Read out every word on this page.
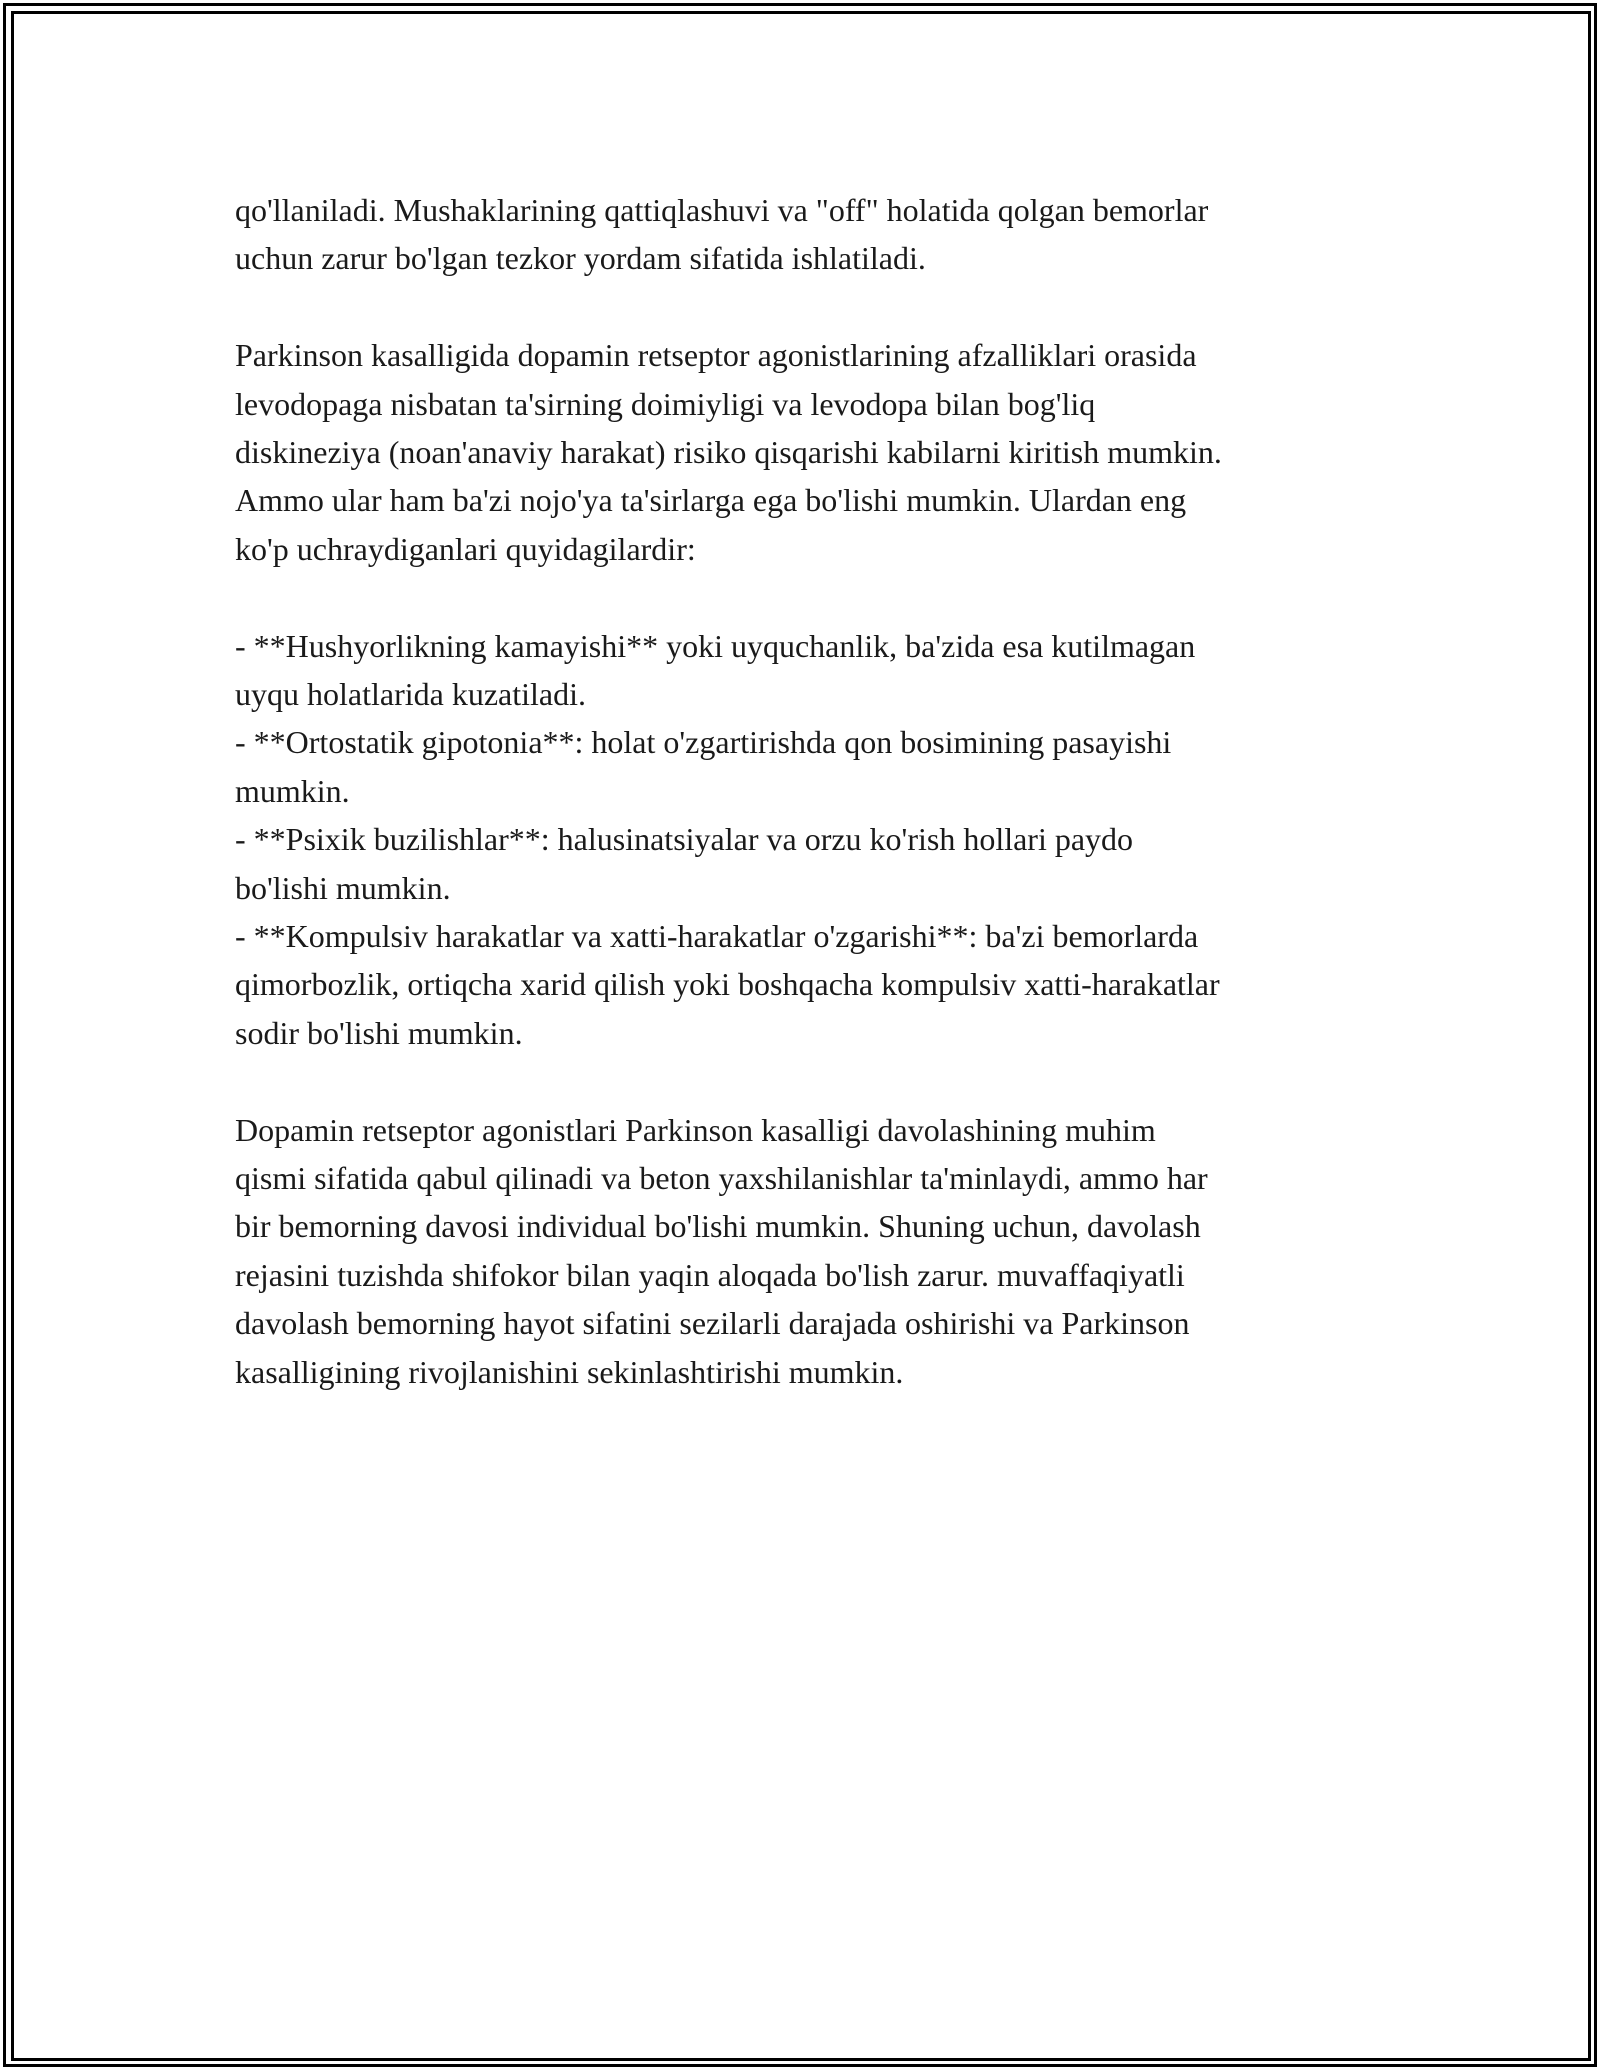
qo'llaniladi. Mushaklarining qattiqlashuvi va "off" holatida qolgan bemorlar
uchun zarur bo'lgan tezkor yordam sifatida ishlatiladi.

Parkinson kasalligida dopamin retseptor agonistlarining afzalliklari orasida
levodopaga nisbatan ta'sirning doimiyligi va levodopa bilan bog'liq
diskineziya (noan'anaviy harakat) risiko qisqarishi kabilarni kiritish mumkin.
Ammo ular ham ba'zi nojo'ya ta'sirlarga ega bo'lishi mumkin. Ulardan eng
ko'p uchraydiganlari quyidagilardir:

- **Hushyorlikning kamayishi** yoki uyquchanlik, ba'zida esa kutilmagan
uyqu holatlarida kuzatiladi.
- **Ortostatik gipotonia**: holat o'zgartirishda qon bosimining pasayishi
mumkin.
- **Psixik buzilishlar**: halusinatsiyalar va orzu ko'rish hollari paydo
bo'lishi mumkin.
- **Kompulsiv harakatlar va xatti-harakatlar o'zgarishi**: ba'zi bemorlarda
qimorbozlik, ortiqcha xarid qilish yoki boshqacha kompulsiv xatti-harakatlar
sodir bo'lishi mumkin.

Dopamin retseptor agonistlari Parkinson kasalligi davolashining muhim
qismi sifatida qabul qilinadi va beton yaxshilanishlar ta'minlaydi, ammo har
bir bemorning davosi individual bo'lishi mumkin. Shuning uchun, davolash
rejasini tuzishda shifokor bilan yaqin aloqada bo'lish zarur. muvaffaqiyatli
davolash bemorning hayot sifatini sezilarli darajada oshirishi va Parkinson
kasalligining rivojlanishini sekinlashtirishi mumkin.
